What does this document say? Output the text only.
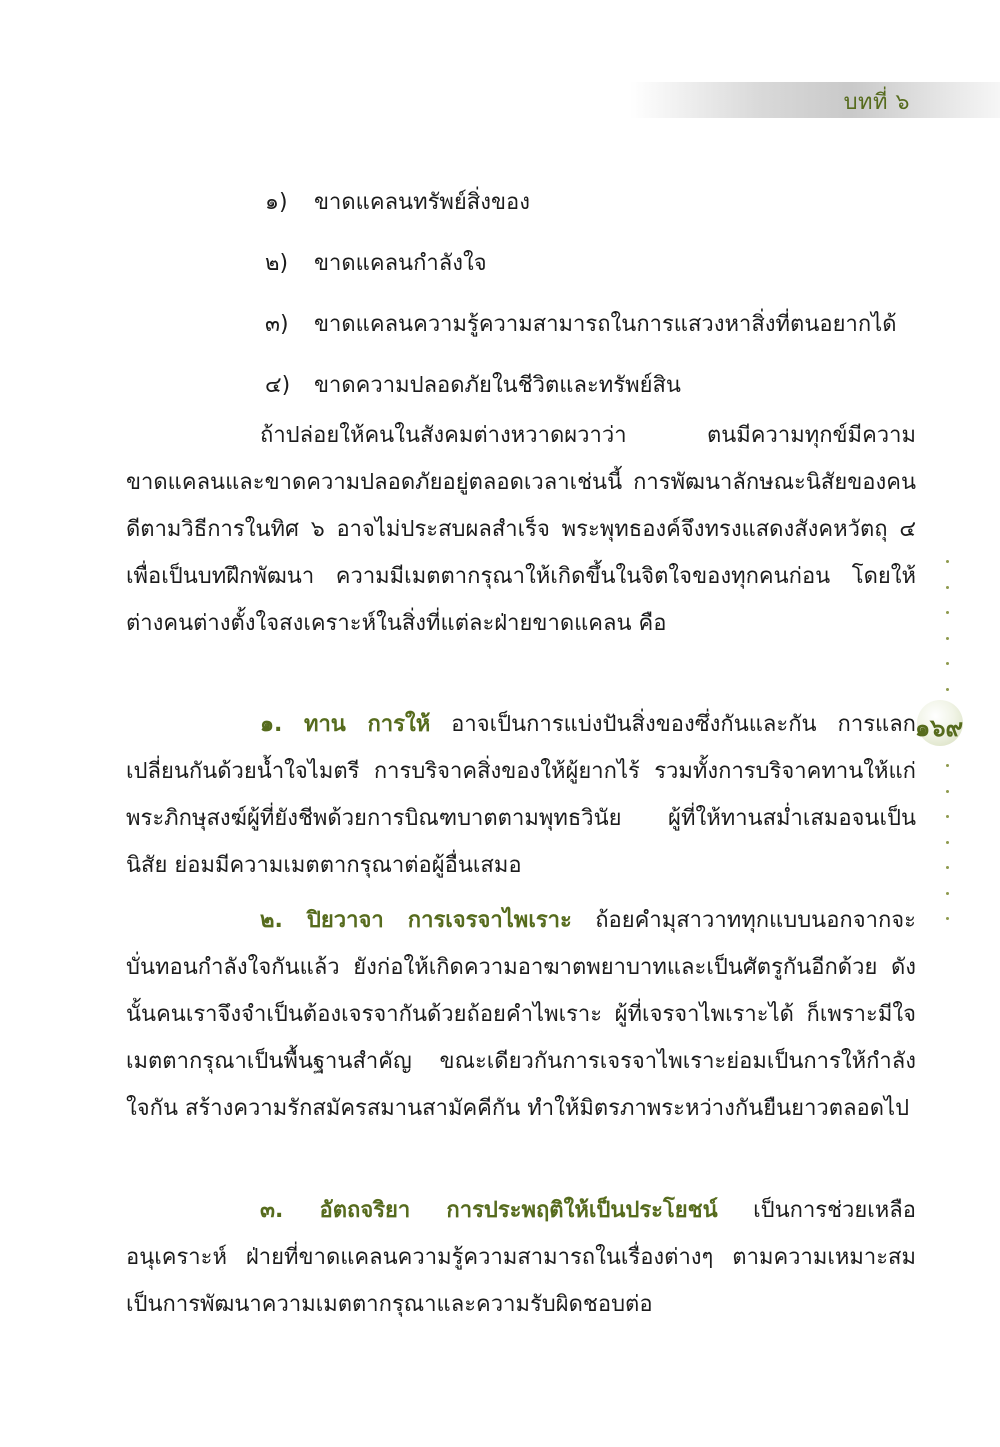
บทที่ ๖
๑๖๙
๑) ขาดแคลนทรัพย์สิ่งของ
๒) ขาดแคลนกำลังใจ
๓) ขาดแคลนความรู้ความสามารถในการแสวงหาสิ่งที่ตนอยากได้
๔) ขาดความปลอดภัยในชีวิตและทรัพย์สิน
ถ้าปล่อยให้คนในสังคมต่างหวาดผวาว่า ตนมีความทุกข์มีความขาดแคลนและขาดความปลอดภัยอยู่ตลอดเวลาเช่นนี้ การพัฒนาลักษณะนิสัยของคนดีตามวิธีการในทิศ ๖ อาจไม่ประสบผลสำเร็จ พระพุทธองค์จึงทรงแสดงสังคหวัตถุ ๔ เพื่อเป็นบทฝึกพัฒนา ความมีเมตตากรุณาให้เกิดขึ้นในจิตใจของทุกคนก่อน โดยให้ต่างคนต่างตั้งใจสงเคราะห์ในสิ่งที่แต่ละฝ่ายขาดแคลน คือ
๑. ทาน การให้ อาจเป็นการแบ่งปันสิ่งของซึ่งกันและกัน การแลกเปลี่ยนกันด้วยน้ำใจไมตรี การบริจาคสิ่งของให้ผู้ยากไร้ รวมทั้งการบริจาคทานให้แก่พระภิกษุสงฆ์ผู้ที่ยังชีพด้วยการบิณฑบาตตามพุทธวินัย ผู้ที่ให้ทานสม่ำเสมอจนเป็นนิสัย ย่อมมีความเมตตากรุณาต่อผู้อื่นเสมอ
๒. ปิยวาจา การเจรจาไพเราะ ถ้อยคำมุสาวาททุกแบบนอกจากจะบั่นทอนกำลังใจกันแล้ว ยังก่อให้เกิดความอาฆาตพยาบาทและเป็นศัตรูกันอีกด้วย ดังนั้นคนเราจึงจำเป็นต้องเจรจากันด้วยถ้อยคำไพเราะ ผู้ที่เจรจาไพเราะได้ ก็เพราะมีใจเมตตากรุณาเป็นพื้นฐานสำคัญ ขณะเดียวกันการเจรจาไพเราะย่อมเป็นการให้กำลังใจกัน สร้างความรักสมัครสมานสามัคคีกัน ทำให้มิตรภาพระหว่างกันยืนยาวตลอดไป
๓. อัตถจริยา การประพฤติให้เป็นประโยชน์ เป็นการช่วยเหลืออนุเคราะห์ ฝ่ายที่ขาดแคลนความรู้ความสามารถในเรื่องต่างๆ ตามความเหมาะสม เป็นการพัฒนาความเมตตากรุณาและความรับผิดชอบต่อ
